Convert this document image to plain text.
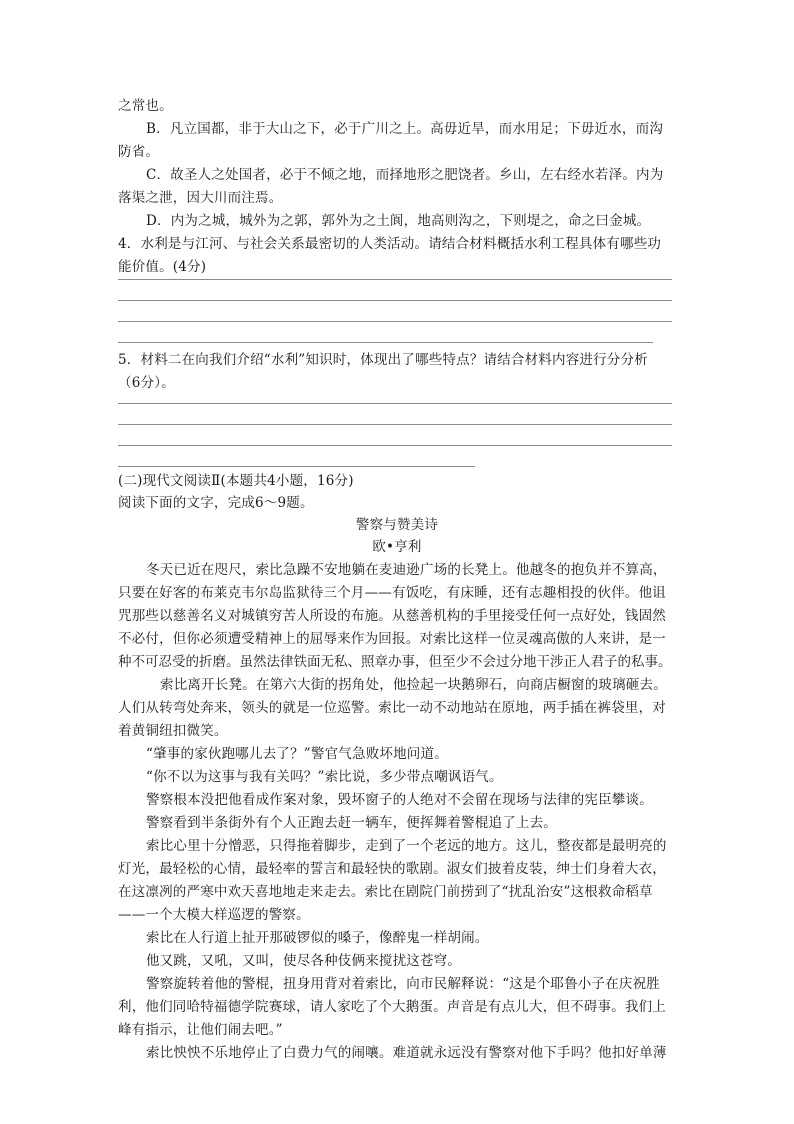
之常也。
B．凡立国都，非于大山之下，必于广川之上。高毋近旱，而水用足；下毋近水，而沟
防省。
C．故圣人之处国者，必于不倾之地，而择地形之肥饶者。乡山，左右经水若泽。内为
落渠之泄，因大川而注焉。
D．内为之城，城外为之郭，郭外为之土阆，地高则沟之，下则堤之，命之曰金城。
4．水利是与江河、与社会关系最密切的人类活动。请结合材料概括水利工程具体有哪些功
能价值。(4分)
5．材料二在向我们介绍“水利”知识时，体现出了哪些特点？请结合材料内容进行分分析
（6分）。
(二)现代文阅读Ⅱ(本题共4小题，16分)
阅读下面的文字，完成6～9题。
警察与赞美诗
欧•亨利
冬天已近在咫尺，索比急躁不安地躺在麦迪逊广场的长凳上。他越冬的抱负并不算高，
只要在好客的布莱克韦尔岛监狱待三个月——有饭吃，有床睡，还有志趣相投的伙伴。他诅
咒那些以慈善名义对城镇穷苦人所设的布施。从慈善机构的手里接受任何一点好处，钱固然
不必付，但你必须遭受精神上的屈辱来作为回报。对索比这样一位灵魂高傲的人来讲，是一
种不可忍受的折磨。虽然法律铁面无私、照章办事，但至少不会过分地干涉正人君子的私事。
索比离开长凳。在第六大街的拐角处，他捡起一块鹅卵石，向商店橱窗的玻璃砸去。
人们从转弯处奔来，领头的就是一位巡警。索比一动不动地站在原地，两手插在裤袋里，对
着黄铜纽扣微笑。
“肇事的家伙跑哪儿去了？”警官气急败坏地问道。
“你不以为这事与我有关吗？”索比说，多少带点嘲讽语气。
警察根本没把他看成作案对象，毁坏窗子的人绝对不会留在现场与法律的宪臣攀谈。
警察看到半条街外有个人正跑去赶一辆车，便挥舞着警棍追了上去。
索比心里十分憎恶，只得拖着脚步，走到了一个老远的地方。这儿，整夜都是最明亮的
灯光，最轻松的心情，最轻率的誓言和最轻快的歌剧。淑女们披着皮装，绅士们身着大衣，
在这凛冽的严寒中欢天喜地地走来走去。索比在剧院门前捞到了“扰乱治安”这根救命稻草
——一个大模大样巡逻的警察。
索比在人行道上扯开那破锣似的嗓子，像醉鬼一样胡闹。
他又跳，又吼，又叫，使尽各种伎俩来搅扰这苍穹。
警察旋转着他的警棍，扭身用背对着索比，向市民解释说：“这是个耶鲁小子在庆祝胜
利，他们同哈特福德学院赛球，请人家吃了个大鹅蛋。声音是有点儿大，但不碍事。我们上
峰有指示，让他们闹去吧。”
索比怏怏不乐地停止了白费力气的闹嚷。难道就永远没有警察对他下手吗？他扣好单薄
